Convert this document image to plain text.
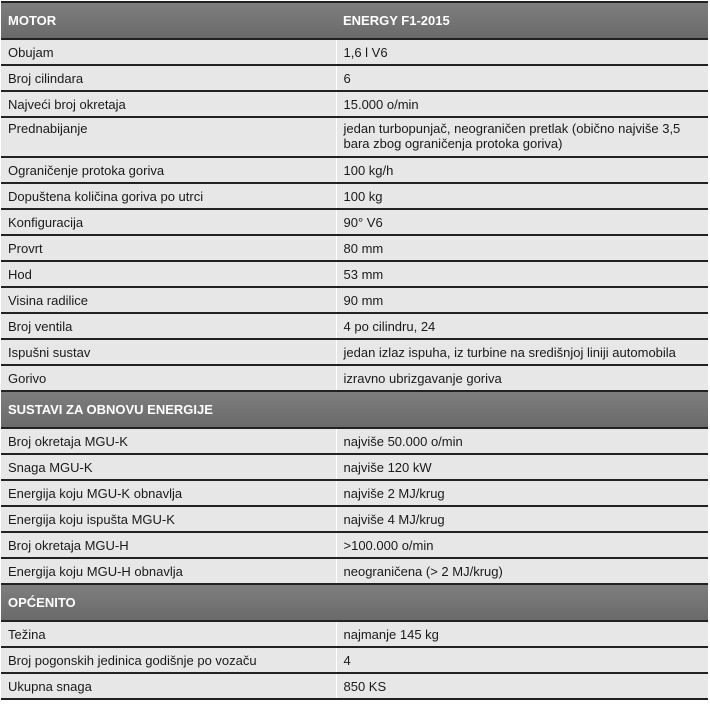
MOTOR	ENERGY F1-2015
Obujam	1,6 l V6
Broj cilindara	6
Najveći broj okretaja	15.000 o/min
Prednabijanje	jedan turbopunjač, neograničen pretlak (obično najviše 3,5 bara zbog ograničenja protoka goriva)
Ograničenje protoka goriva	100 kg/h
Dopuštena količina goriva po utrci	100 kg
Konfiguracija	90° V6
Provrt	80 mm
Hod	53 mm
Visina radilice	90 mm
Broj ventila	4 po cilindru, 24
Ispušni sustav	jedan izlaz ispuha, iz turbine na središnjoj liniji automobila
Gorivo	izravno ubrizgavanje goriva
SUSTAVI ZA OBNOVU ENERGIJE	
Broj okretaja MGU-K	najviše 50.000 o/min
Snaga MGU-K	najviše 120 kW
Energija koju MGU-K obnavlja	najviše 2 MJ/krug
Energija koju ispušta MGU-K	najviše 4 MJ/krug
Broj okretaja MGU-H	>100.000 o/min
Energija koju MGU-H obnavlja	neograničena (> 2 MJ/krug)
OPĆENITO	
Težina	najmanje 145 kg
Broj pogonskih jedinica godišnje po vozaču	4
Ukupna snaga	850 KS
